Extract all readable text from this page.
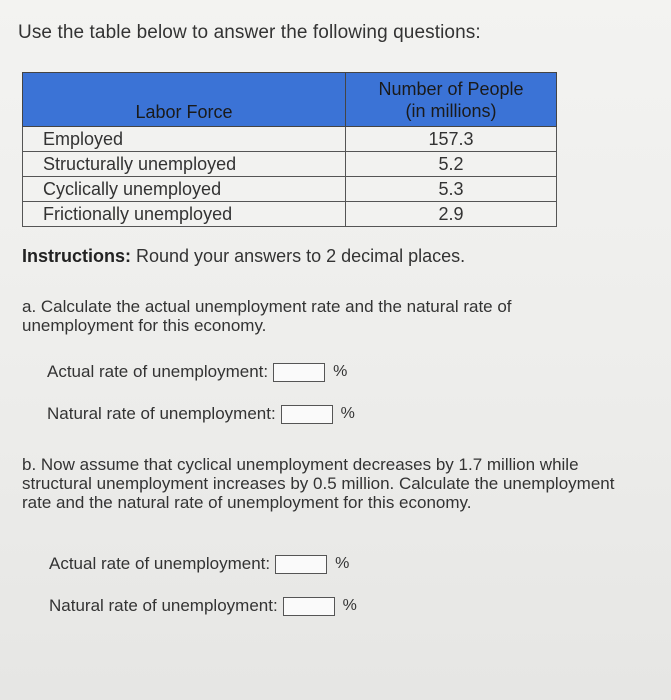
Use the table below to answer the following questions:
Labor Force	Number of People
(in millions)

Employed	157.3
Structurally unemployed	5.2
Cyclically unemployed	5.3
Frictionally unemployed	2.9
Instructions: Round your answers to 2 decimal places.
a. Calculate the actual unemployment rate and the natural rate of unemployment for this economy.
Actual rate of unemployment:	%
Natural rate of unemployment:	%
b. Now assume that cyclical unemployment decreases by 1.7 million while structural unemployment increases by 0.5 million. Calculate the unemployment rate and the natural rate of unemployment for this economy.
Actual rate of unemployment:	%
Natural rate of unemployment:	%
